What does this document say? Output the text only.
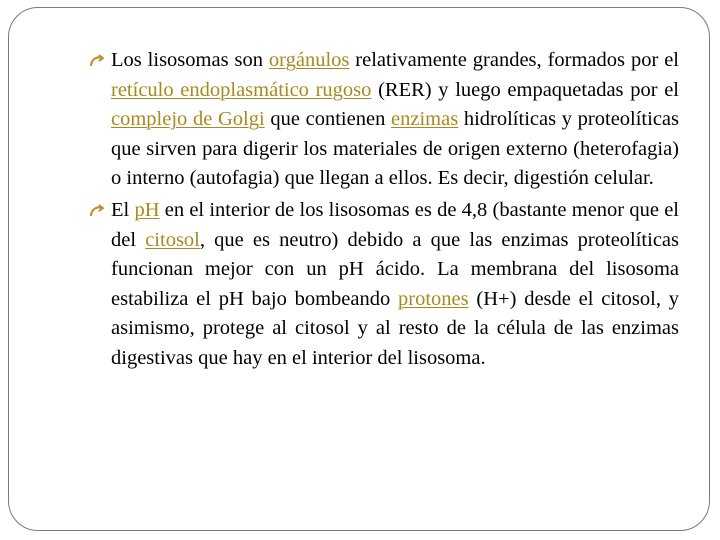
Los lisosomas son orgánulos relativamente grandes, formados por el retículo endoplasmático rugoso (RER) y luego empaquetadas por el complejo de Golgi que contienen enzimas hidrolíticas y proteolíticas que sirven para digerir los materiales de origen externo (heterofagia) o interno (autofagia) que llegan a ellos. Es decir, digestión celular.

El pH en el interior de los lisosomas es de 4,8 (bastante menor que el del citosol, que es neutro) debido a que las enzimas proteolíticas funcionan mejor con un pH ácido. La membrana del lisosoma estabiliza el pH bajo bombeando protones (H+) desde el citosol, y asimismo, protege al citosol y al resto de la célula de las enzimas digestivas que hay en el interior del lisosoma.
